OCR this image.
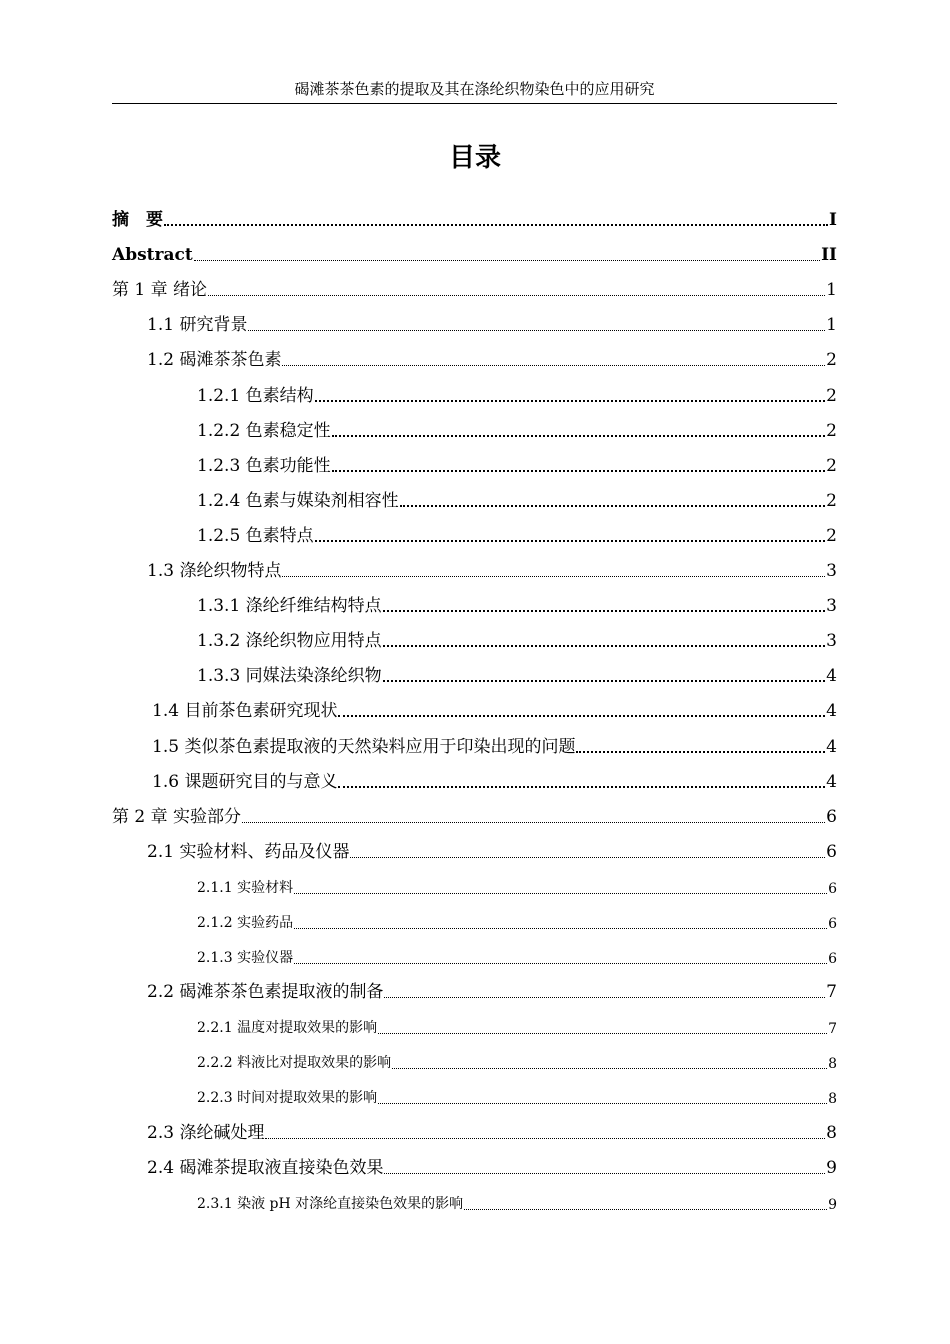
碣滩茶茶色素的提取及其在涤纶织物染色中的应用研究
目录
摘　要	I
Abstract	II
第 1 章 绪论	1
1.1 研究背景	1
1.2 碣滩茶茶色素	2
1.2.1 色素结构	2
1.2.2 色素稳定性	2
1.2.3 色素功能性	2
1.2.4 色素与媒染剂相容性	2
1.2.5 色素特点	2
1.3 涤纶织物特点	3
1.3.1 涤纶纤维结构特点	3
1.3.2 涤纶织物应用特点	3
1.3.3 同媒法染涤纶织物	4
1.4 目前茶色素研究现状	4
1.5 类似茶色素提取液的天然染料应用于印染出现的问题	4
1.6 课题研究目的与意义	4
第 2 章 实验部分	6
2.1 实验材料、药品及仪器	6
2.1.1 实验材料	6
2.1.2 实验药品	6
2.1.3 实验仪器	6
2.2 碣滩茶茶色素提取液的制备	7
2.2.1 温度对提取效果的影响	7
2.2.2 料液比对提取效果的影响	8
2.2.3 时间对提取效果的影响	8
2.3 涤纶碱处理	8
2.4 碣滩茶提取液直接染色效果	9
2.3.1 染液 pH 对涤纶直接染色效果的影响	9
